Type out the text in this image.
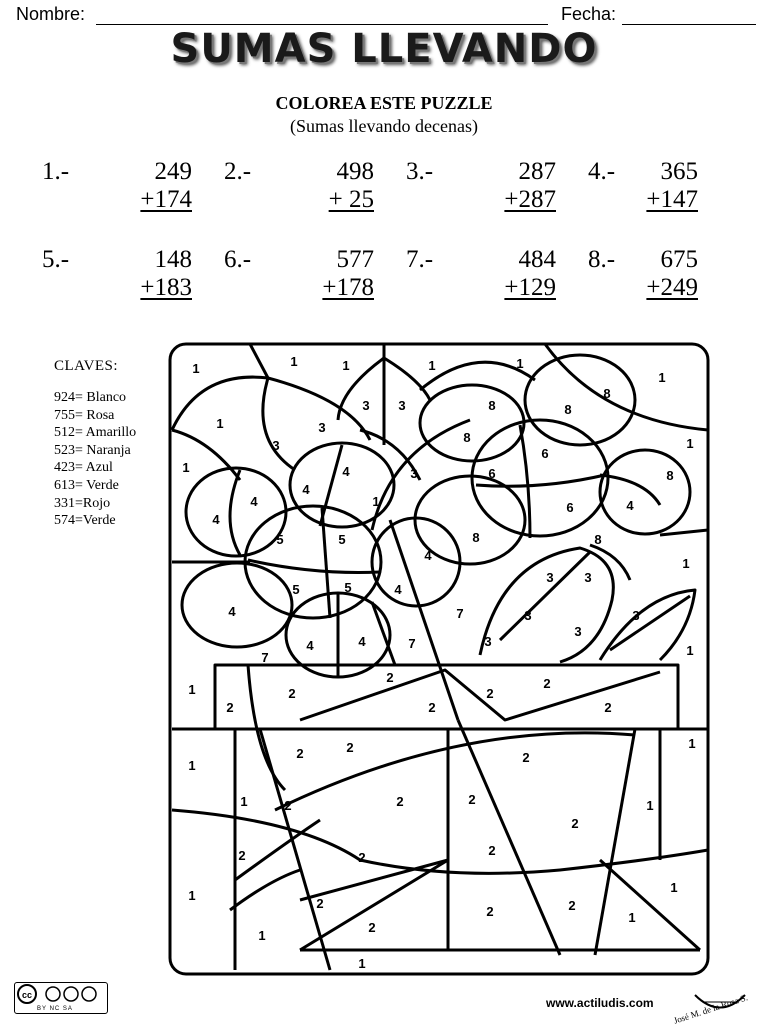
Nombre:	Fecha:
SUMAS LLEVANDO
COLOREA ESTE PUZZLE
(Sumas llevando decenas)
1.-	249
+174
2.-	498
+ 25
3.-	287
+287
4.- 365
+147
5.-	148
+183
6.-	577
+178
7.-	484
+129
8.- 675
+249
CLAVES:
924= Blanco
755= Rosa
512= Amarillo
523= Naranja
423= Azul
613= Verde
331=Rojo
574=Verde
1	1	1	1	1
1
8
8
1
3 3
3
8
3	1
6
8
6
1	3
4
4
8
1
4
4
6
4
5	5
4
8	8
5	5	4
3 3
1
4	7	3	3
4	4	7	3
3
7	1
2	2
2	2
2	2	2
1
2
2	2
1
1
2	2
1	2
2
1
2
2
2
2
1
2	2
2
1
1
1
1
cc
BY NC SA	www.actiludis.com José M. de la Rosa S.
